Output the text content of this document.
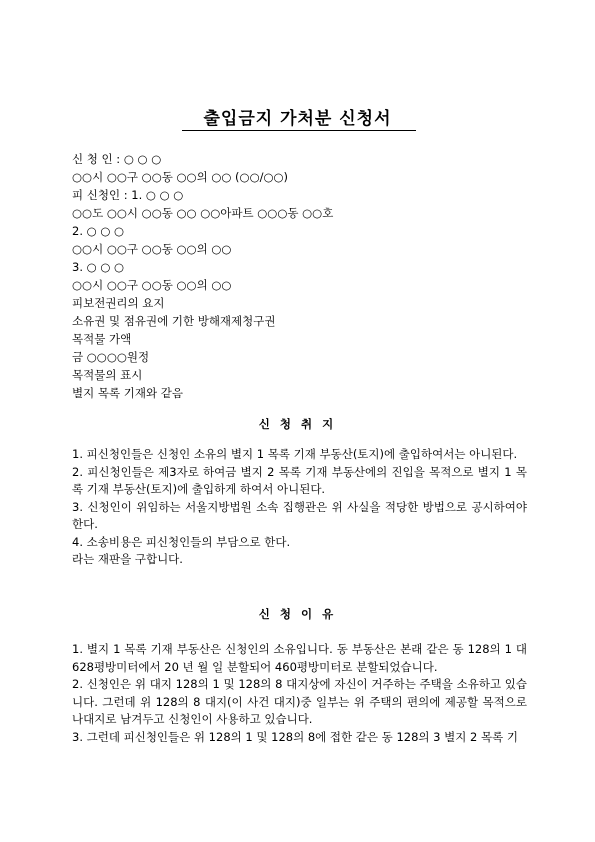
출입금지 가처분 신청서
신 청 인 : ○ ○ ○
○○시 ○○구 ○○동 ○○의 ○○ (○○/○○)
피 신청인 : 1. ○ ○ ○
○○도 ○○시 ○○동 ○○ ○○아파트 ○○○동 ○○호
2. ○ ○ ○
○○시 ○○구 ○○동 ○○의 ○○
3. ○ ○ ○
○○시 ○○구 ○○동 ○○의 ○○
피보전권리의 요지
소유권 및 점유권에 기한 방해재제청구권
목적물 가액
금 ○○○○원정
목적물의 표시
별지 목록 기재와 같음
신 청 취 지

1. 피신청인들은 신청인 소유의 별지 1 목록 기재 부동산(토지)에 출입하여서는 아니된다.

2. 피신청인들은 제3자로 하여금 별지 2 목록 기재 부동산에의 진입을 목적으로 별지 1 목록 기재 부동산(토지)에 출입하게 하여서 아니된다.

3. 신청인이 위임하는 서울지방법원 소속 집행관은 위 사실을 적당한 방법으로 공시하여야 한다.

4. 소송비용은 피신청인들의 부담으로 한다.

라는 재판을 구합니다.

신 청 이 유

1. 별지 1 목록 기재 부동산은 신청인의 소유입니다. 동 부동산은 본래 같은 동 128의 1 대 628평방미터에서 20 년 월 일 분할되어 460평방미터로 분할되었습니다.

2. 신청인은 위 대지 128의 1 및 128의 8 대지상에 자신이 거주하는 주택을 소유하고 있습니다. 그런데 위 128의 8 대지(이 사건 대지)중 일부는 위 주택의 편의에 제공할 목적으로 나대지로 남겨두고 신청인이 사용하고 있습니다.

3. 그런데 피신청인들은 위 128의 1 및 128의 8에 접한 같은 동 128의 3 별지 2 목록 기
